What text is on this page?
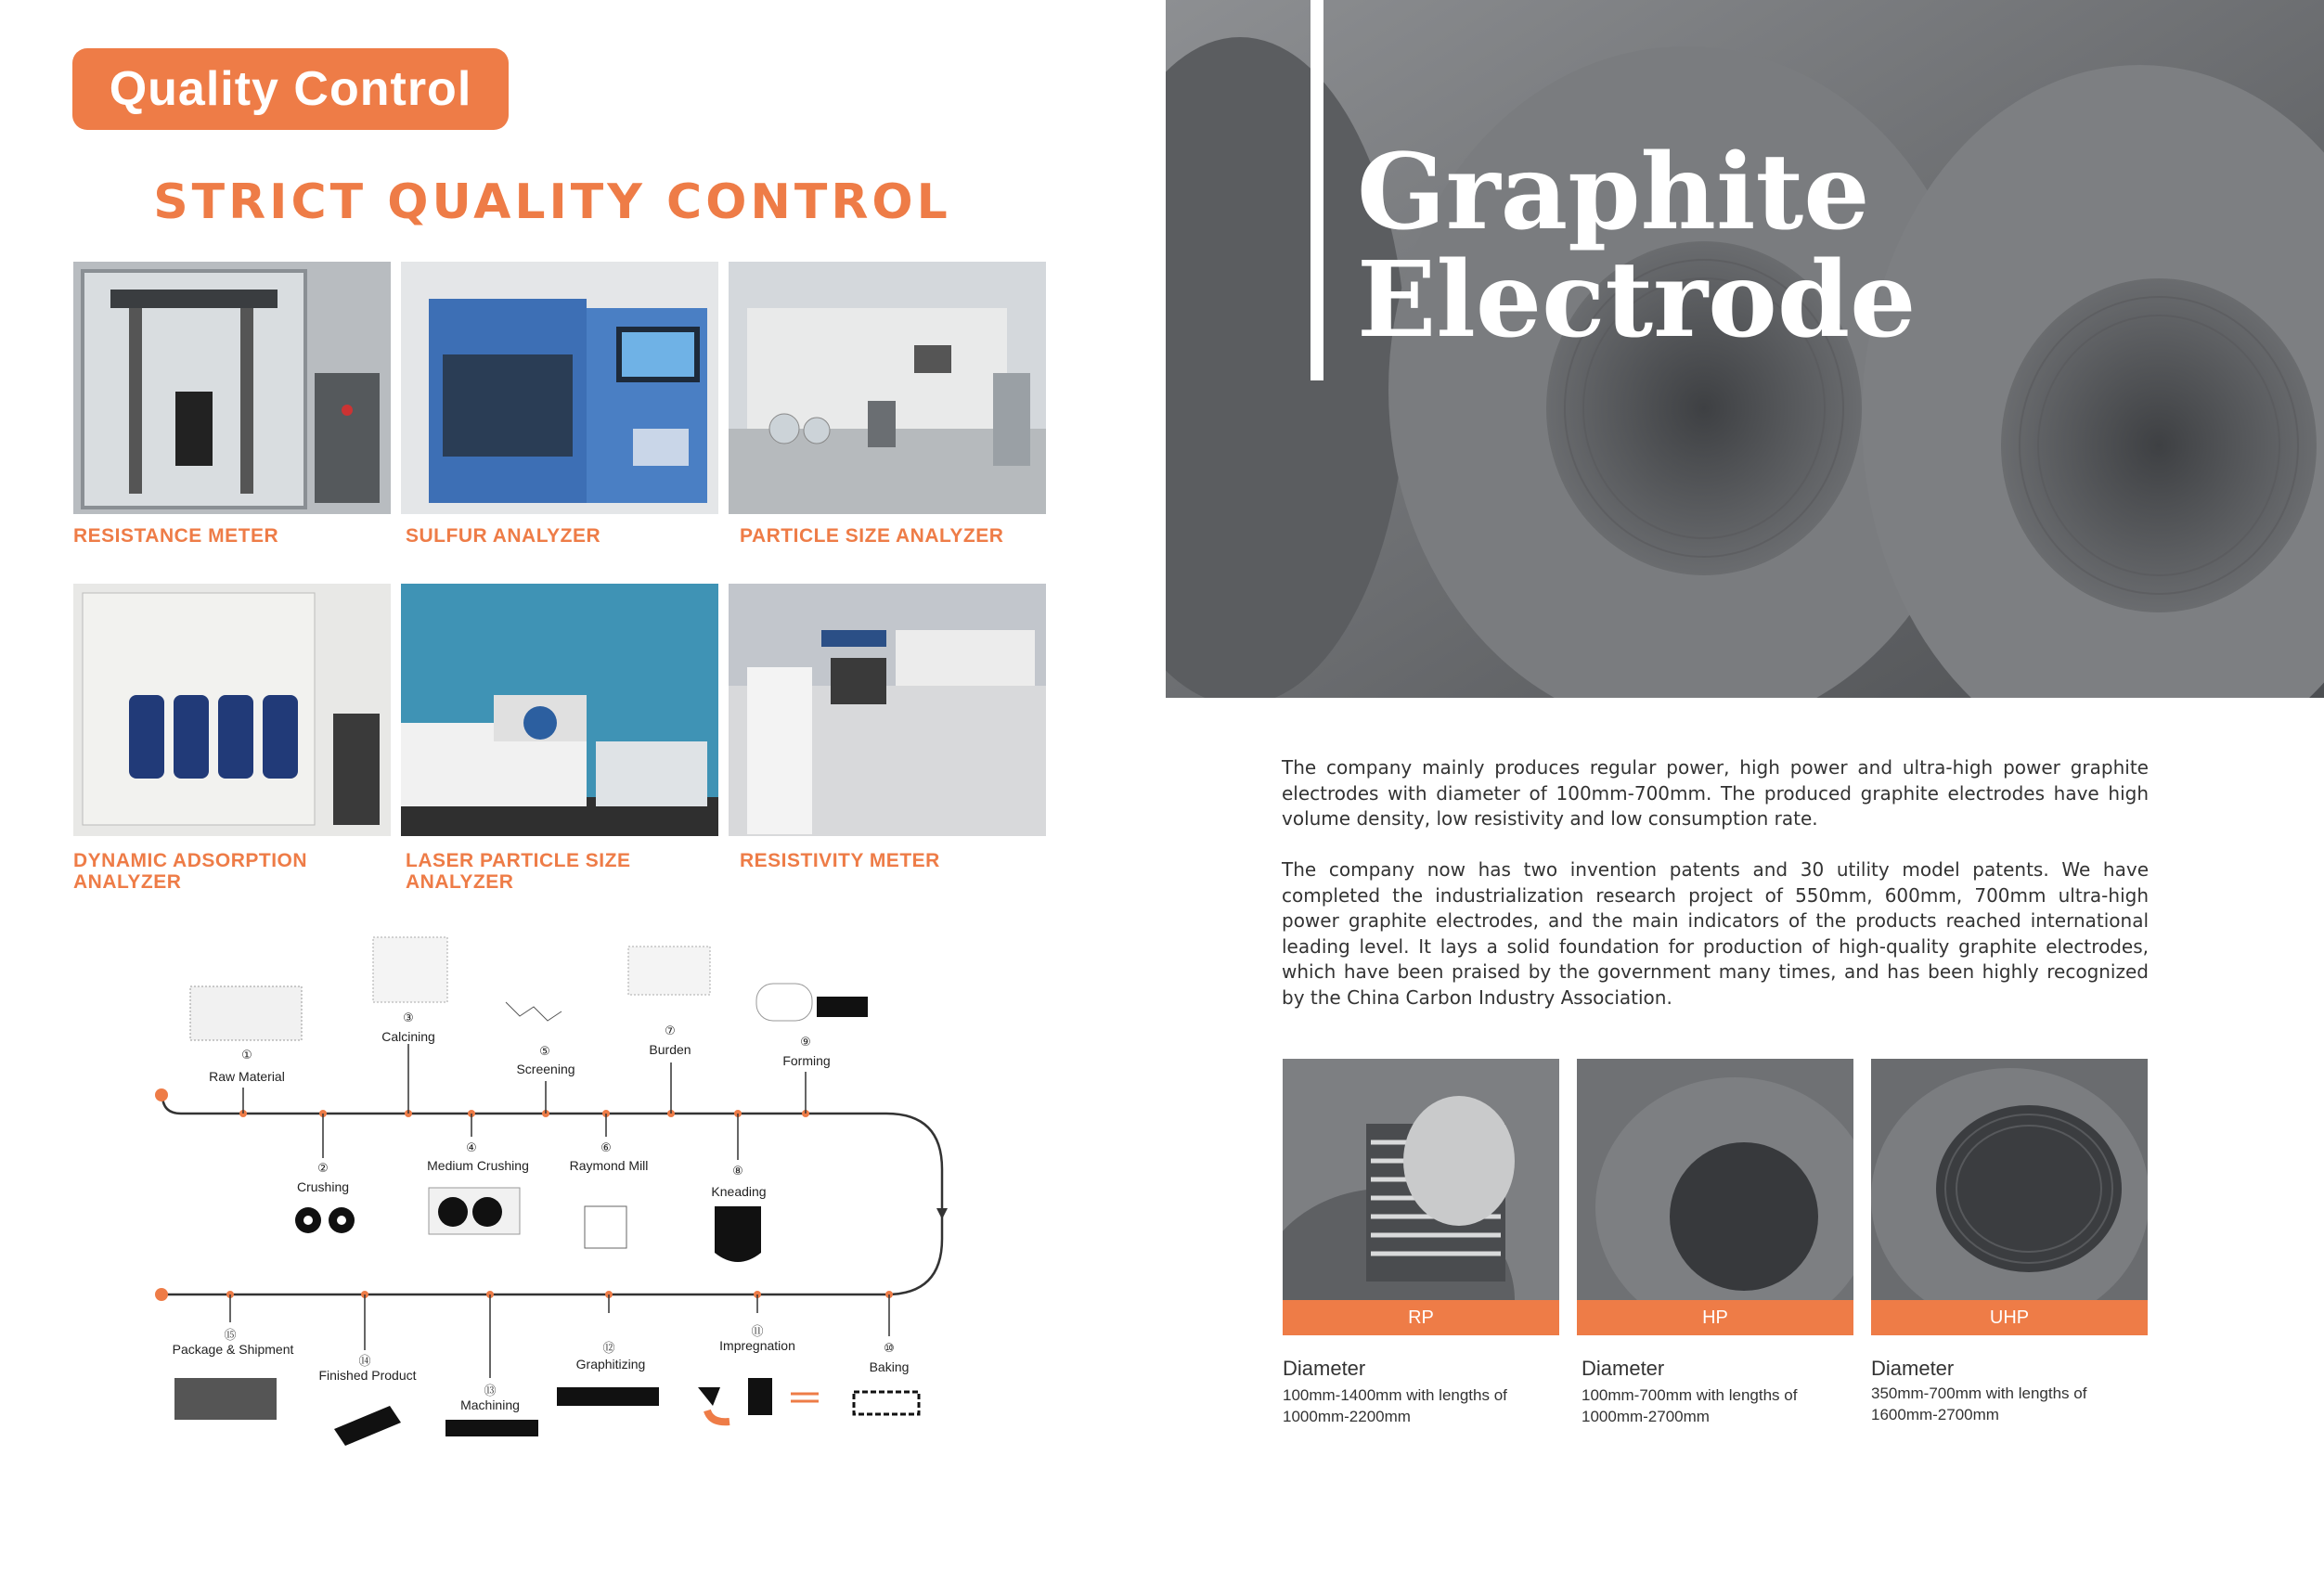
Quality Control
STRICT QUALITY CONTROL
RESISTANCE METER	SULFUR ANALYZER	PARTICLE SIZE ANALYZER
DYNAMIC ADSORPTION ANALYZER
LASER PARTICLE SIZE ANALYZER
RESISTIVITY METER
①
Raw Material
②
Crushing
③
Calcining
④
Medium Crushing
⑤
Screening
⑥
Raymond Mill
⑦
Burden
⑧
Kneading
⑨
Forming
⑩
Baking
⑪
Impregnation
⑫
Graphitizing
⑬
Machining
⑭
Finished Product
⑮
Package & Shipment
Graphite
Electrode
The company mainly produces regular power, high power and ultra-high power graphite electrodes with diameter of 100mm-700mm. The produced graphite electrodes have high volume density, low resistivity and low consumption rate.
The company now has two invention patents and 30 utility model patents. We have completed the industrialization research project of 550mm, 600mm, 700mm ultra-high power graphite electrodes, and the main indicators of the products reached international leading level. It lays a solid foundation for production of high-quality graphite electrodes, which have been praised by the government many times, and has been highly recognized by the China Carbon Industry Association.
RP	HP	UHP
Diameter
100mm-1400mm with lengths of 1000mm-2200mm
Diameter
100mm-700mm with lengths of 1000mm-2700mm
Diameter
350mm-700mm with lengths of 1600mm-2700mm
